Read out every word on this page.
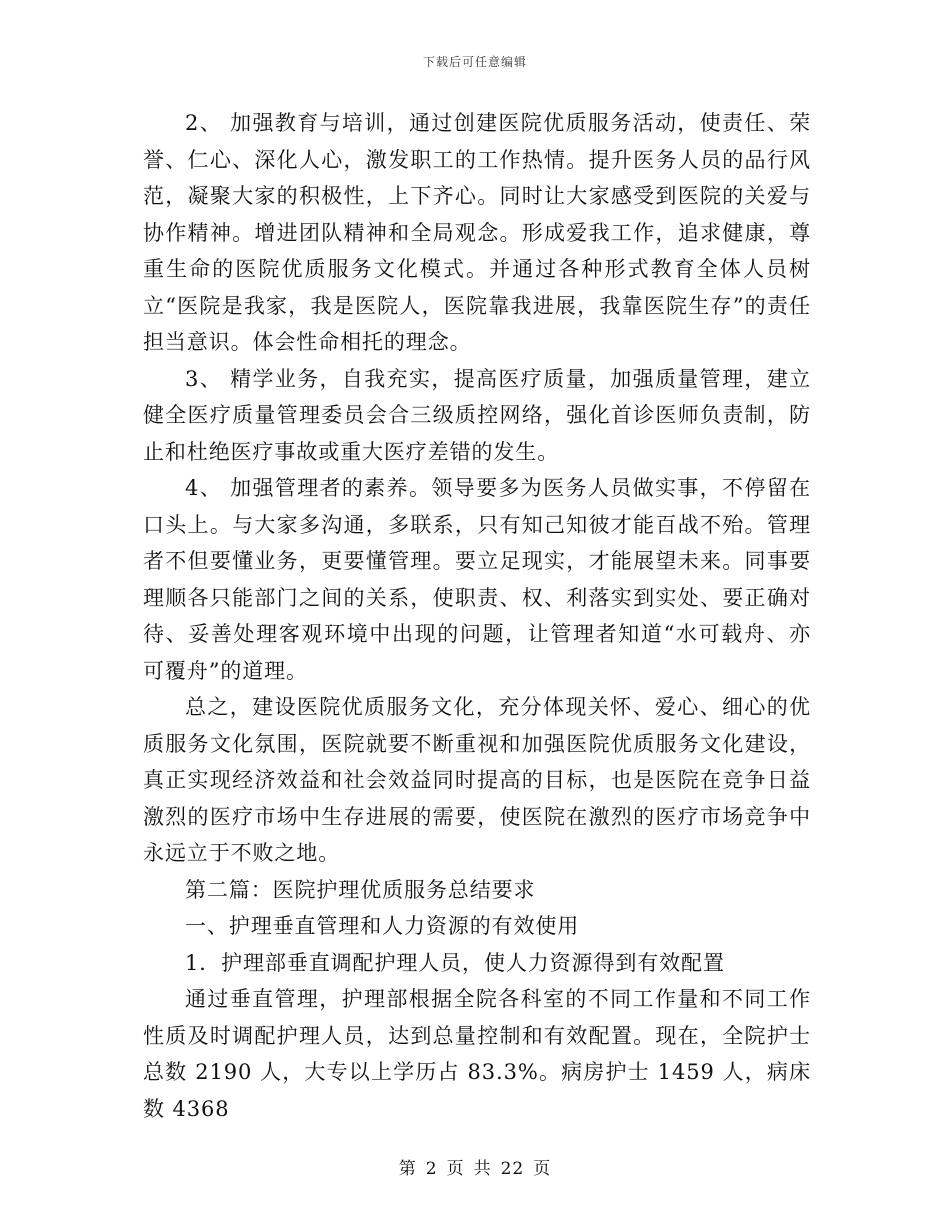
下载后可任意编辑

2、 加强教育与培训，通过创建医院优质服务活动，使责任、荣誉、仁心、深化人心，激发职工的工作热情。提升医务人员的品行风范，凝聚大家的积极性，上下齐心。同时让大家感受到医院的关爱与协作精神。增进团队精神和全局观念。形成爱我工作，追求健康，尊重生命的医院优质服务文化模式。并通过各种形式教育全体人员树立“医院是我家，我是医院人，医院靠我进展，我靠医院生存”的责任担当意识。体会性命相托的理念。

3、 精学业务，自我充实，提高医疗质量，加强质量管理，建立健全医疗质量管理委员会合三级质控网络，强化首诊医师负责制，防止和杜绝医疗事故或重大医疗差错的发生。

4、 加强管理者的素养。领导要多为医务人员做实事，不停留在口头上。与大家多沟通，多联系，只有知己知彼才能百战不殆。管理者不但要懂业务，更要懂管理。要立足现实，才能展望未来。同事要理顺各只能部门之间的关系，使职责、权、利落实到实处、要正确对待、妥善处理客观环境中出现的问题，让管理者知道“水可载舟、亦可覆舟”的道理。

总之，建设医院优质服务文化，充分体现关怀、爱心、细心的优质服务文化氛围，医院就要不断重视和加强医院优质服务文化建设，真正实现经济效益和社会效益同时提高的目标，也是医院在竞争日益激烈的医疗市场中生存进展的需要，使医院在激烈的医疗市场竞争中永远立于不败之地。

第二篇：医院护理优质服务总结要求

一、护理垂直管理和人力资源的有效使用

1．护理部垂直调配护理人员，使人力资源得到有效配置

通过垂直管理，护理部根据全院各科室的不同工作量和不同工作性质及时调配护理人员，达到总量控制和有效配置。现在，全院护士总数 2190 人，大专以上学历占 83.3%。病房护士 1459 人，病床数 4368

第 2 页 共 22 页
